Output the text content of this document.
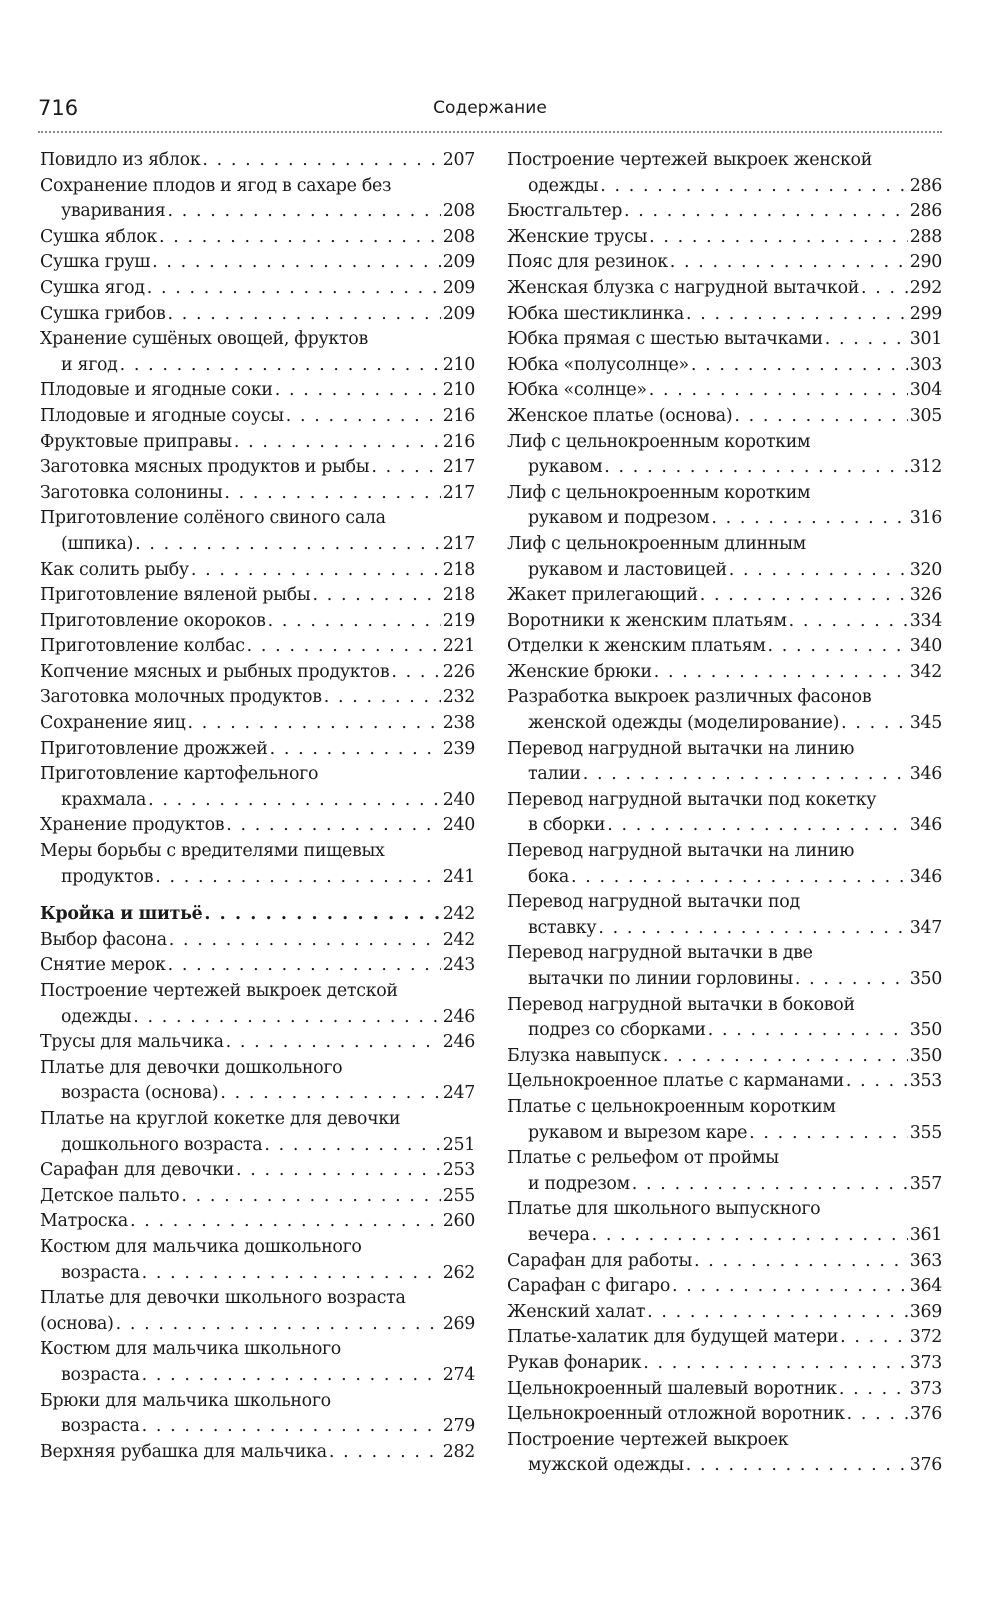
716	Содержание
Повидло из яблок . . .	207
Сохранение плодов и ягод в сахаре без
уваривания . . .	208
Сушка яблок . . .	208
Сушка груш . . .	209
Сушка ягод . . .	209
Сушка грибов . . .	209
Хранение сушёных овощей, фруктов
и ягод . . .	210
Плодовые и ягодные соки . . .	210
Плодовые и ягодные соусы . . .	216
Фруктовые приправы . . .	216
Заготовка мясных продуктов и рыбы . . .	217
Заготовка солонины . . .	217
Приготовление солёного свиного сала
(шпика) . . .	217
Как солить рыбу . . .	218
Приготовление вяленой рыбы . . .	218
Приготовление окороков . . .	219
Приготовление колбас . . .	221
Копчение мясных и рыбных продуктов . . .	226
Заготовка молочных продуктов . . .	232
Сохранение яиц . . .	238
Приготовление дрожжей . . .	239
Приготовление картофельного
крахмала . . .	240
Хранение продуктов . . .	240
Меры борьбы с вредителями пищевых
продуктов . . .	241
Кройка и шитьё . . .	242
Выбор фасона . . .	242
Снятие мерок . . .	243
Построение чертежей выкроек детской
одежды . . .	246
Трусы для мальчика . . .	246
Платье для девочки дошкольного
возраста (основа) . . .	247
Платье на круглой кокетке для девочки
дошкольного возраста . . .	251
Сарафан для девочки . . .	253
Детское пальто . . .	255
Матроска . . .	260
Костюм для мальчика дошкольного
возраста . . .	262
Платье для девочки школьного возраста
(основа) . . .	269
Костюм для мальчика школьного
возраста . . .	274
Брюки для мальчика школьного
возраста . . .	279
Верхняя рубашка для мальчика . . .	282
Построение чертежей выкроек женской
одежды . . .	286
Бюстгальтер . . .	286
Женские трусы . . .	288
Пояс для резинок . . .	290
Женская блузка с нагрудной вытачкой . . .	292
Юбка шестиклинка . . .	299
Юбка прямая с шестью вытачками . . .	301
Юбка «полусолнце» . . .	303
Юбка «солнце» . . .	304
Женское платье (основа) . . .	305
Лиф с цельнокроенным коротким
рукавом . . .	312
Лиф с цельнокроенным коротким
рукавом и подрезом . . .	316
Лиф с цельнокроенным длинным
рукавом и ластовицей . . .	320
Жакет прилегающий . . .	326
Воротники к женским платьям . . .	334
Отделки к женским платьям . . .	340
Женские брюки . . .	342
Разработка выкроек различных фасонов
женской одежды (моделирование) . . .	345
Перевод нагрудной вытачки на линию
талии . . .	346
Перевод нагрудной вытачки под кокетку
в сборки . . .	346
Перевод нагрудной вытачки на линию
бока . . .	346
Перевод нагрудной вытачки под
вставку . . .	347
Перевод нагрудной вытачки в две
вытачки по линии горловины . . .	350
Перевод нагрудной вытачки в боковой
подрез со сборками . . .	350
Блузка навыпуск . . .	350
Цельнокроенное платье с карманами . . .	353
Платье с цельнокроенным коротким
рукавом и вырезом каре . . .	355
Платье с рельефом от проймы
и подрезом . . .	357
Платье для школьного выпускного
вечера . . .	361
Сарафан для работы . . .	363
Сарафан с фигаро . . .	364
Женский халат . . .	369
Платье-халатик для будущей матери . . .	372
Рукав фонарик . . .	373
Цельнокроенный шалевый воротник . . .	373
Цельнокроенный отложной воротник . . .	376
Построение чертежей выкроек
мужской одежды . . .	376
